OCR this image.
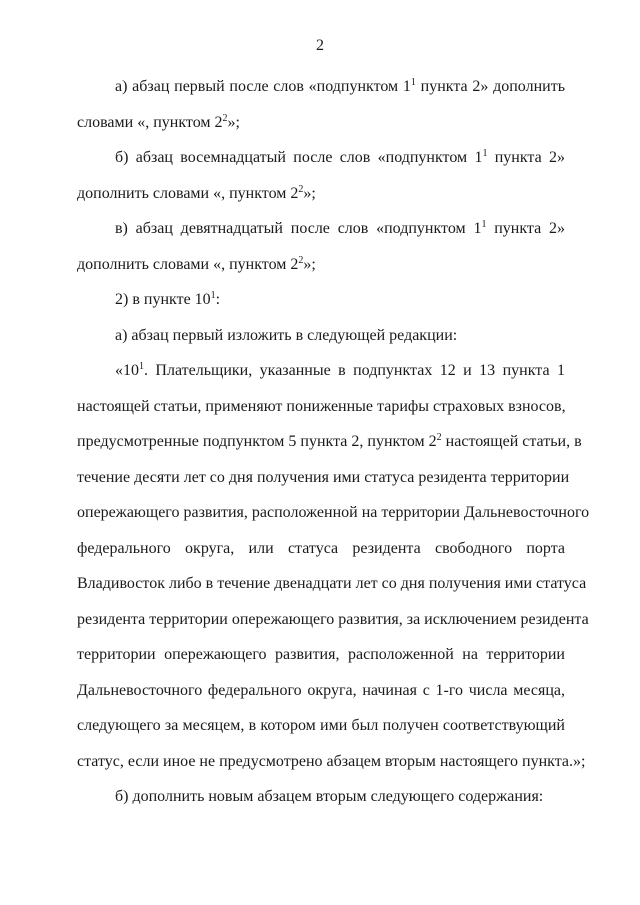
2
а) абзац первый после слов «подпунктом $1^1$ пункта 2» дополнить
словами «, пунктом $2^2$»;
б) абзац восемнадцатый после слов «подпунктом $1^1$ пункта 2»
дополнить словами «, пунктом $2^2$»;
в) абзац девятнадцатый после слов «подпунктом $1^1$ пункта 2»
дополнить словами «, пунктом $2^2$»;
2) в пункте $10^1$:
а) абзац первый изложить в следующей редакции:
«$10^1$. Плательщики, указанные в подпунктах 12 и 13 пункта 1
настоящей статьи, применяют пониженные тарифы страховых взносов,
предусмотренные подпунктом 5 пункта 2, пунктом $2^2$ настоящей статьи, в
течение десяти лет со дня получения ими статуса резидента территории
опережающего развития, расположенной на территории Дальневосточного
федерального округа, или статуса резидента свободного порта
Владивосток либо в течение двенадцати лет со дня получения ими статуса
резидента территории опережающего развития, за исключением резидента
территории опережающего развития, расположенной на территории
Дальневосточного федерального округа, начиная с 1-го числа месяца,
следующего за месяцем, в котором ими был получен соответствующий
статус, если иное не предусмотрено абзацем вторым настоящего пункта.»;
б) дополнить новым абзацем вторым следующего содержания:
